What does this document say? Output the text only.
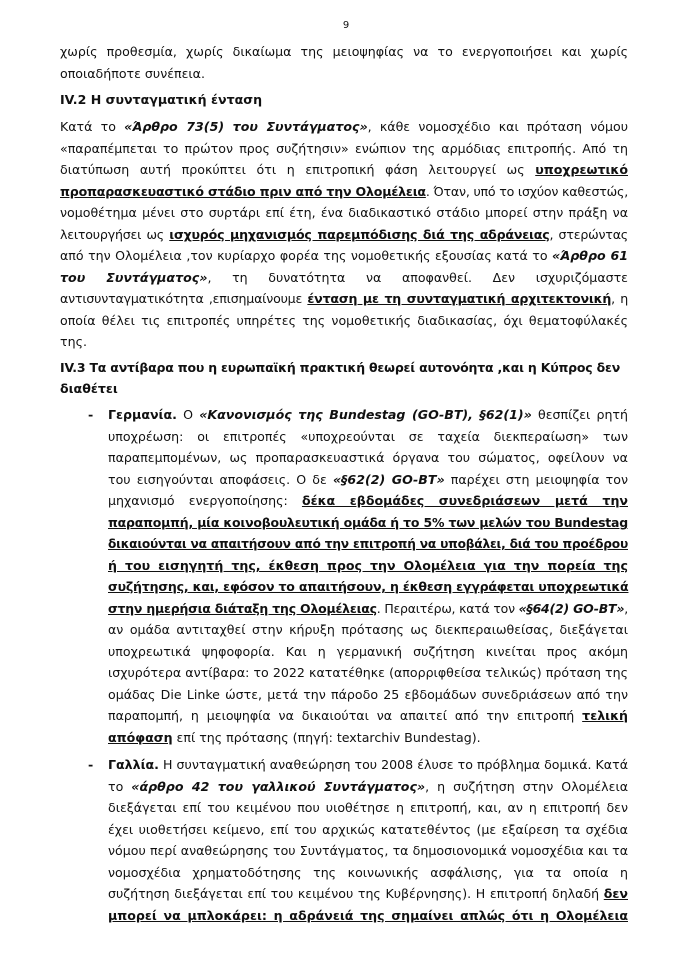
9
χωρίς προθεσμία, χωρίς δικαίωμα της μειοψηφίας να το ενεργοποιήσει και χωρίς
οποιαδήποτε συνέπεια.
IV.2 Η συνταγματική ένταση
Κατά το «Άρθρο 73(5) του Συντάγματος», κάθε νομοσχέδιο και πρόταση νόμου
«παραπέμπεται το πρώτον προς συζήτησιν» ενώπιον της αρμόδιας επιτροπής. Από τη
διατύπωση αυτή προκύπτει ότι η επιτροπική φάση λειτουργεί ως υποχρεωτικό
προπαρασκευαστικό στάδιο πριν από την Ολομέλεια. Όταν, υπό το ισχύον καθεστώς,
νομοθέτημα μένει στο συρτάρι επί έτη, ένα διαδικαστικό στάδιο μπορεί στην πράξη να
λειτουργήσει ως ισχυρός μηχανισμός παρεμπόδισης διά της αδράνειας, στερώντας
από την Ολομέλεια ,τον κυρίαρχο φορέα της νομοθετικής εξουσίας κατά το «Άρθρο 61
του Συντάγματος», τη δυνατότητα να αποφανθεί. Δεν ισχυριζόμαστε
αντισυνταγματικότητα ,επισημαίνουμε ένταση με τη συνταγματική αρχιτεκτονική, η
οποία θέλει τις επιτροπές υπηρέτες της νομοθετικής διαδικασίας, όχι θεματοφύλακές
της.
IV.3 Τα αντίβαρα που η ευρωπαϊκή πρακτική θεωρεί αυτονόητα ,και η Κύπρος δεν
διαθέτει
- Γερμανία. Ο «Κανονισμός της Bundestag (GO-BT), §62(1)» θεσπίζει ρητή
υποχρέωση: οι επιτροπές «υποχρεούνται σε ταχεία διεκπεραίωση» των
παραπεμπομένων, ως προπαρασκευαστικά όργανα του σώματος, οφείλουν να
του εισηγούνται αποφάσεις. Ο δε «§62(2) GO-BT» παρέχει στη μειοψηφία τον
μηχανισμό ενεργοποίησης: δέκα εβδομάδες συνεδριάσεων μετά την
παραπομπή, μία κοινοβουλευτική ομάδα ή το 5% των μελών του Bundestag
δικαιούνται να απαιτήσουν από την επιτροπή να υποβάλει, διά του προέδρου
ή του εισηγητή της, έκθεση προς την Ολομέλεια για την πορεία της
συζήτησης, και, εφόσον το απαιτήσουν, η έκθεση εγγράφεται υποχρεωτικά
στην ημερήσια διάταξη της Ολομέλειας. Περαιτέρω, κατά τον «§64(2) GO-BT»,
αν ομάδα αντιταχθεί στην κήρυξη πρότασης ως διεκπεραιωθείσας, διεξάγεται
υποχρεωτικά ψηφοφορία. Και η γερμανική συζήτηση κινείται προς ακόμη
ισχυρότερα αντίβαρα: το 2022 κατατέθηκε (απορριφθείσα τελικώς) πρόταση της
ομάδας Die Linke ώστε, μετά την πάροδο 25 εβδομάδων συνεδριάσεων από την
παραπομπή, η μειοψηφία να δικαιούται να απαιτεί από την επιτροπή τελική
απόφαση επί της πρότασης (πηγή: textarchiv Bundestag).
- Γαλλία. Η συνταγματική αναθεώρηση του 2008 έλυσε το πρόβλημα δομικά. Κατά
το «άρθρο 42 του γαλλικού Συντάγματος», η συζήτηση στην Ολομέλεια
διεξάγεται επί του κειμένου που υιοθέτησε η επιτροπή, και, αν η επιτροπή δεν
έχει υιοθετήσει κείμενο, επί του αρχικώς κατατεθέντος (με εξαίρεση τα σχέδια
νόμου περί αναθεώρησης του Συντάγματος, τα δημοσιονομικά νομοσχέδια και τα
νομοσχέδια χρηματοδότησης της κοινωνικής ασφάλισης, για τα οποία η
συζήτηση διεξάγεται επί του κειμένου της Κυβέρνησης). Η επιτροπή δηλαδή δεν
μπορεί να μπλοκάρει: η αδράνειά της σημαίνει απλώς ότι η Ολομέλεια
